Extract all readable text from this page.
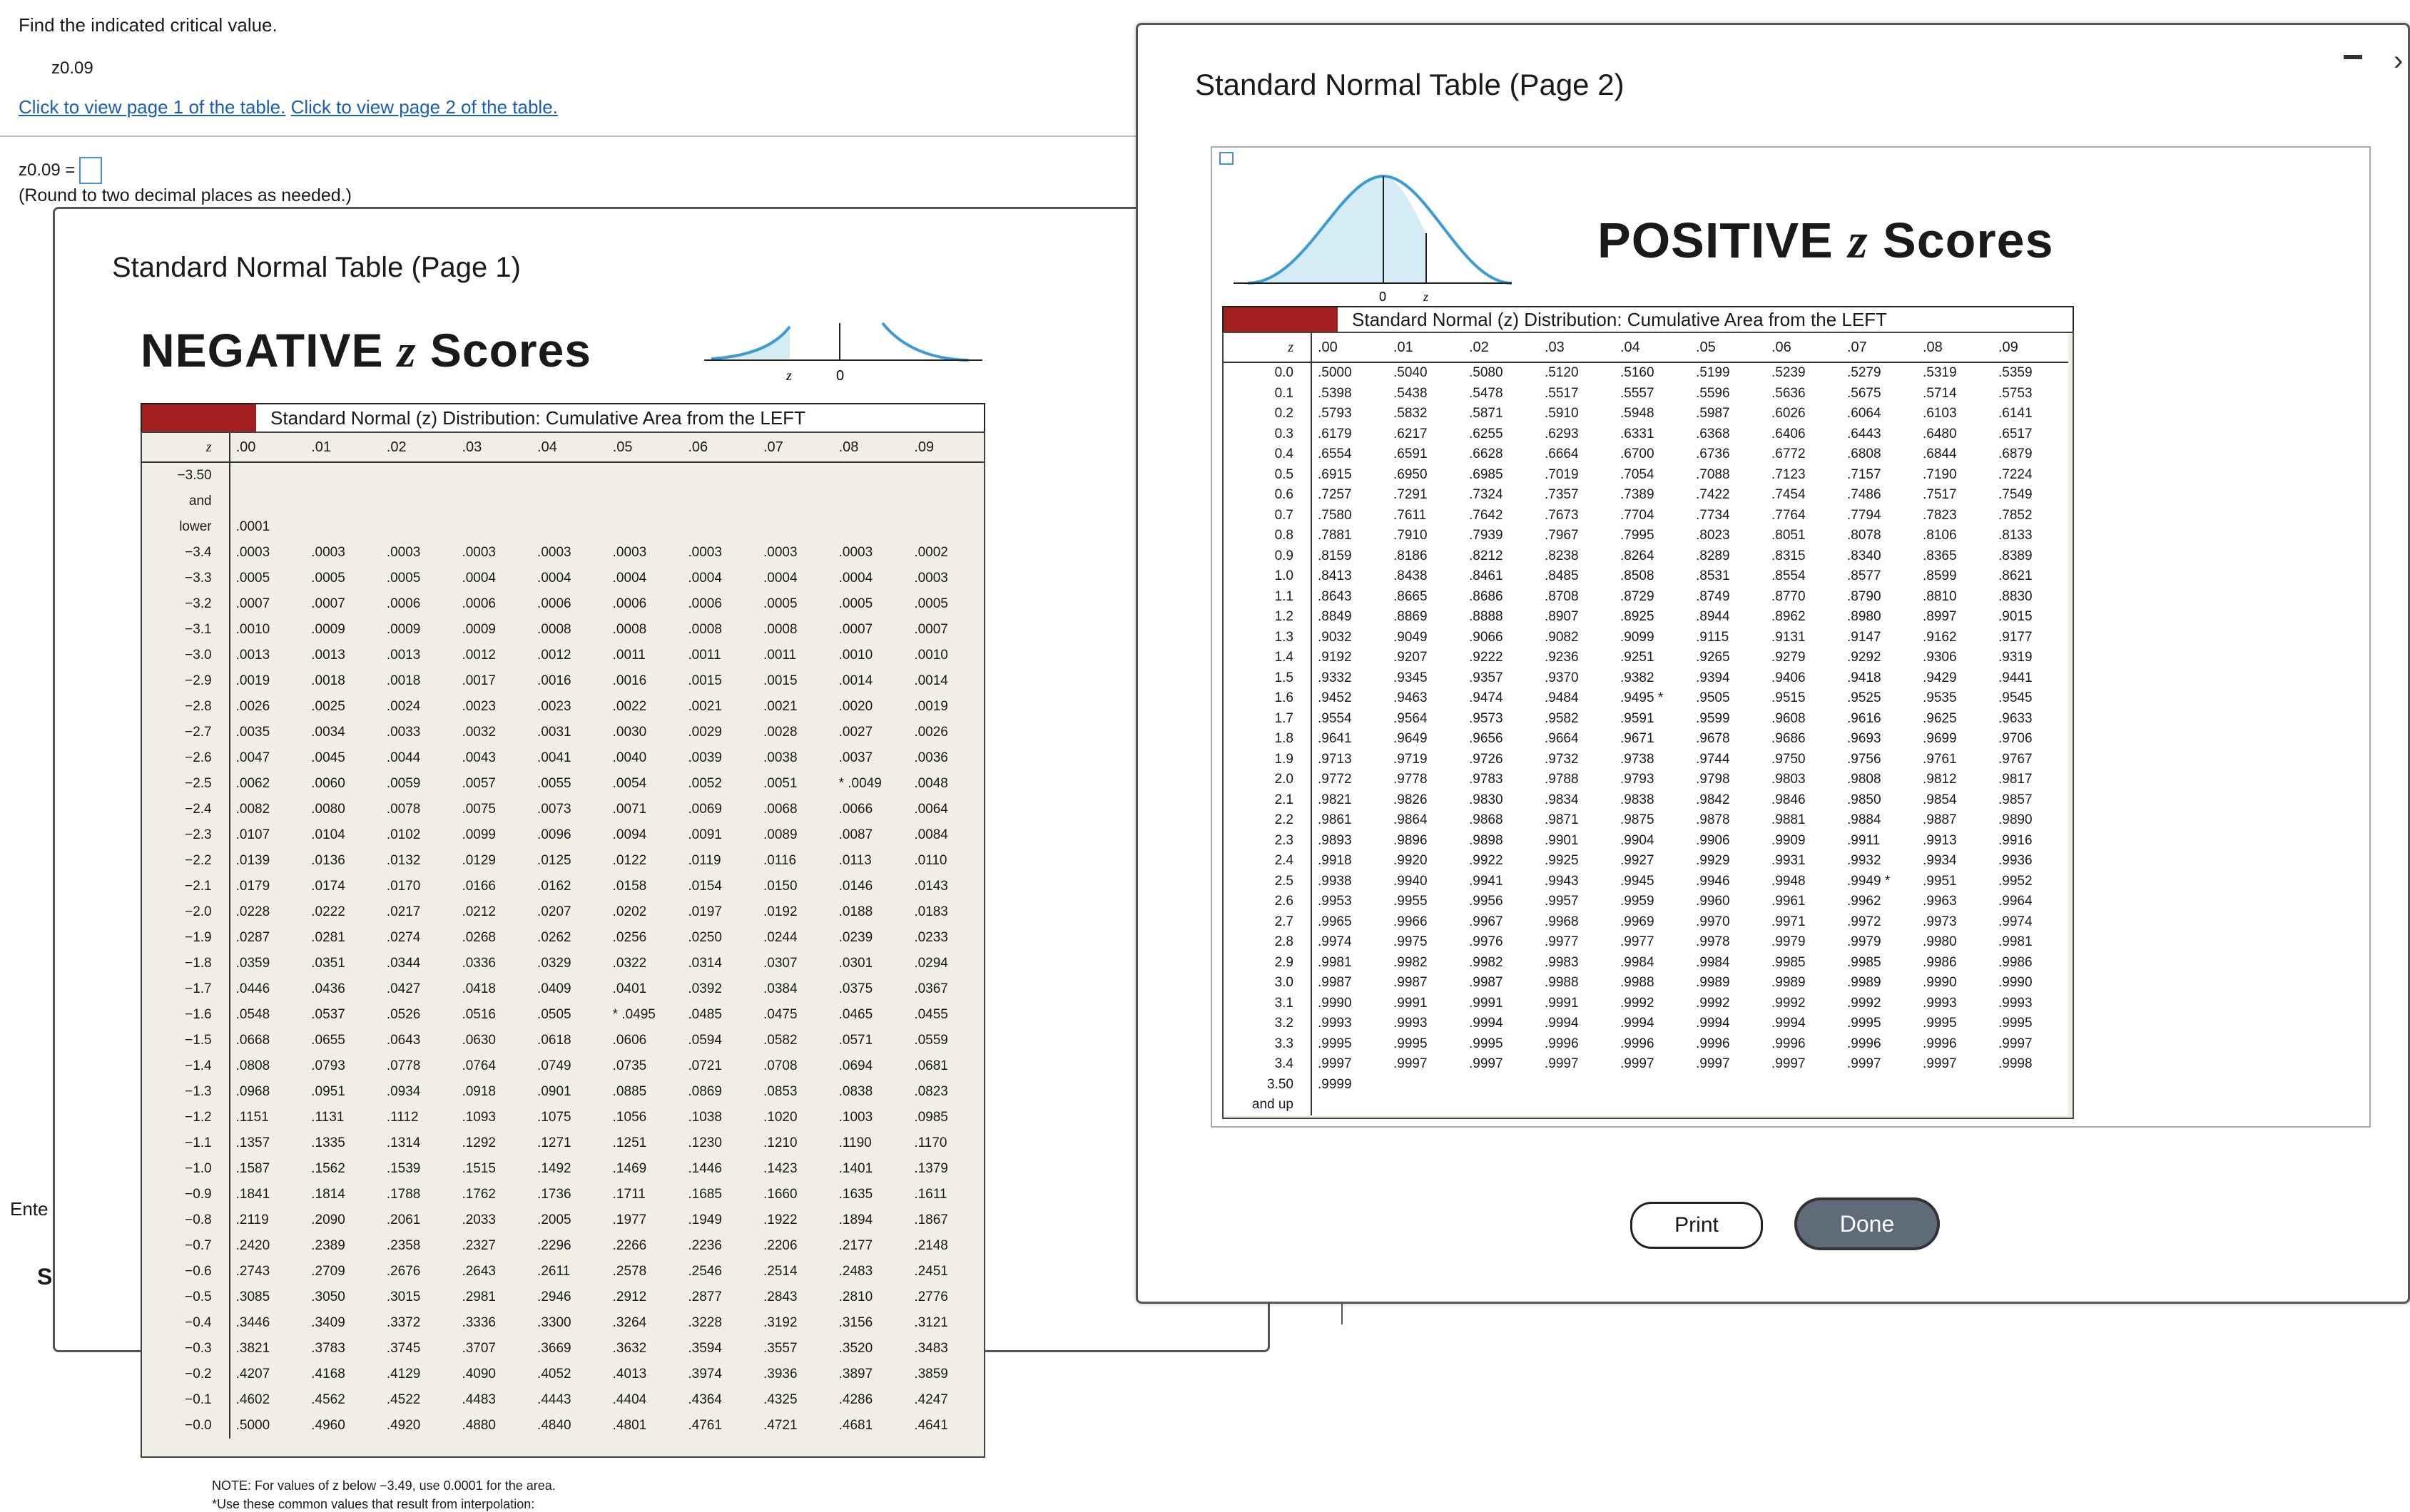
Find the indicated critical value.
z0.09
Click to view page 1 of the table. Click to view page 2 of the table.
z0.09 =
(Round to two decimal places as needed.)
Ente
S
Standard Normal Table (Page 1)
NEGATIVE z Scores	z	0
Standard Normal (z) Distribution: Cumulative Area from the LEFT
z	.00	.01	.02	.03	.04	.05	.06	.07	.08	.09
−3.50										
and										
lower	.0001									
−3.4	.0003	.0003	.0003	.0003	.0003	.0003	.0003	.0003	.0003	.0002
−3.3	.0005	.0005	.0005	.0004	.0004	.0004	.0004	.0004	.0004	.0003
−3.2	.0007	.0007	.0006	.0006	.0006	.0006	.0006	.0005	.0005	.0005
−3.1	.0010	.0009	.0009	.0009	.0008	.0008	.0008	.0008	.0007	.0007
−3.0	.0013	.0013	.0013	.0012	.0012	.0011	.0011	.0011	.0010	.0010
−2.9	.0019	.0018	.0018	.0017	.0016	.0016	.0015	.0015	.0014	.0014
−2.8	.0026	.0025	.0024	.0023	.0023	.0022	.0021	.0021	.0020	.0019
−2.7	.0035	.0034	.0033	.0032	.0031	.0030	.0029	.0028	.0027	.0026
−2.6	.0047	.0045	.0044	.0043	.0041	.0040	.0039	.0038	.0037	.0036
−2.5	.0062	.0060	.0059	.0057	.0055	.0054	.0052	.0051	* .0049	.0048
−2.4	.0082	.0080	.0078	.0075	.0073	.0071	.0069	.0068	.0066	.0064
−2.3	.0107	.0104	.0102	.0099	.0096	.0094	.0091	.0089	.0087	.0084
−2.2	.0139	.0136	.0132	.0129	.0125	.0122	.0119	.0116	.0113	.0110
−2.1	.0179	.0174	.0170	.0166	.0162	.0158	.0154	.0150	.0146	.0143
−2.0	.0228	.0222	.0217	.0212	.0207	.0202	.0197	.0192	.0188	.0183
−1.9	.0287	.0281	.0274	.0268	.0262	.0256	.0250	.0244	.0239	.0233
−1.8	.0359	.0351	.0344	.0336	.0329	.0322	.0314	.0307	.0301	.0294
−1.7	.0446	.0436	.0427	.0418	.0409	.0401	.0392	.0384	.0375	.0367
−1.6	.0548	.0537	.0526	.0516	.0505	* .0495	.0485	.0475	.0465	.0455
−1.5	.0668	.0655	.0643	.0630	.0618	.0606	.0594	.0582	.0571	.0559
−1.4	.0808	.0793	.0778	.0764	.0749	.0735	.0721	.0708	.0694	.0681
−1.3	.0968	.0951	.0934	.0918	.0901	.0885	.0869	.0853	.0838	.0823
−1.2	.1151	.1131	.1112	.1093	.1075	.1056	.1038	.1020	.1003	.0985
−1.1	.1357	.1335	.1314	.1292	.1271	.1251	.1230	.1210	.1190	.1170
−1.0	.1587	.1562	.1539	.1515	.1492	.1469	.1446	.1423	.1401	.1379
−0.9	.1841	.1814	.1788	.1762	.1736	.1711	.1685	.1660	.1635	.1611
−0.8	.2119	.2090	.2061	.2033	.2005	.1977	.1949	.1922	.1894	.1867
−0.7	.2420	.2389	.2358	.2327	.2296	.2266	.2236	.2206	.2177	.2148
−0.6	.2743	.2709	.2676	.2643	.2611	.2578	.2546	.2514	.2483	.2451
−0.5	.3085	.3050	.3015	.2981	.2946	.2912	.2877	.2843	.2810	.2776
−0.4	.3446	.3409	.3372	.3336	.3300	.3264	.3228	.3192	.3156	.3121
−0.3	.3821	.3783	.3745	.3707	.3669	.3632	.3594	.3557	.3520	.3483
−0.2	.4207	.4168	.4129	.4090	.4052	.4013	.3974	.3936	.3897	.3859
−0.1	.4602	.4562	.4522	.4483	.4443	.4404	.4364	.4325	.4286	.4247
−0.0	.5000	.4960	.4920	.4880	.4840	.4801	.4761	.4721	.4681	.4641
NOTE: For values of z below −3.49, use 0.0001 for the area.
*Use these common values that result from interpolation:
Standard Normal Table (Page 2)
›
0	z
POSITIVE z Scores
Standard Normal (z) Distribution: Cumulative Area from the LEFT
z	.00	.01	.02	.03	.04	.05	.06	.07	.08	.09
0.0	.5000	.5040	.5080	.5120	.5160	.5199	.5239	.5279	.5319	.5359
0.1	.5398	.5438	.5478	.5517	.5557	.5596	.5636	.5675	.5714	.5753
0.2	.5793	.5832	.5871	.5910	.5948	.5987	.6026	.6064	.6103	.6141
0.3	.6179	.6217	.6255	.6293	.6331	.6368	.6406	.6443	.6480	.6517
0.4	.6554	.6591	.6628	.6664	.6700	.6736	.6772	.6808	.6844	.6879
0.5	.6915	.6950	.6985	.7019	.7054	.7088	.7123	.7157	.7190	.7224
0.6	.7257	.7291	.7324	.7357	.7389	.7422	.7454	.7486	.7517	.7549
0.7	.7580	.7611	.7642	.7673	.7704	.7734	.7764	.7794	.7823	.7852
0.8	.7881	.7910	.7939	.7967	.7995	.8023	.8051	.8078	.8106	.8133
0.9	.8159	.8186	.8212	.8238	.8264	.8289	.8315	.8340	.8365	.8389
1.0	.8413	.8438	.8461	.8485	.8508	.8531	.8554	.8577	.8599	.8621
1.1	.8643	.8665	.8686	.8708	.8729	.8749	.8770	.8790	.8810	.8830
1.2	.8849	.8869	.8888	.8907	.8925	.8944	.8962	.8980	.8997	.9015
1.3	.9032	.9049	.9066	.9082	.9099	.9115	.9131	.9147	.9162	.9177
1.4	.9192	.9207	.9222	.9236	.9251	.9265	.9279	.9292	.9306	.9319
1.5	.9332	.9345	.9357	.9370	.9382	.9394	.9406	.9418	.9429	.9441
1.6	.9452	.9463	.9474	.9484	.9495 *	.9505	.9515	.9525	.9535	.9545
1.7	.9554	.9564	.9573	.9582	.9591	.9599	.9608	.9616	.9625	.9633
1.8	.9641	.9649	.9656	.9664	.9671	.9678	.9686	.9693	.9699	.9706
1.9	.9713	.9719	.9726	.9732	.9738	.9744	.9750	.9756	.9761	.9767
2.0	.9772	.9778	.9783	.9788	.9793	.9798	.9803	.9808	.9812	.9817
2.1	.9821	.9826	.9830	.9834	.9838	.9842	.9846	.9850	.9854	.9857
2.2	.9861	.9864	.9868	.9871	.9875	.9878	.9881	.9884	.9887	.9890
2.3	.9893	.9896	.9898	.9901	.9904	.9906	.9909	.9911	.9913	.9916
2.4	.9918	.9920	.9922	.9925	.9927	.9929	.9931	.9932	.9934	.9936
2.5	.9938	.9940	.9941	.9943	.9945	.9946	.9948	.9949 *	.9951	.9952
2.6	.9953	.9955	.9956	.9957	.9959	.9960	.9961	.9962	.9963	.9964
2.7	.9965	.9966	.9967	.9968	.9969	.9970	.9971	.9972	.9973	.9974
2.8	.9974	.9975	.9976	.9977	.9977	.9978	.9979	.9979	.9980	.9981
2.9	.9981	.9982	.9982	.9983	.9984	.9984	.9985	.9985	.9986	.9986
3.0	.9987	.9987	.9987	.9988	.9988	.9989	.9989	.9989	.9990	.9990
3.1	.9990	.9991	.9991	.9991	.9992	.9992	.9992	.9992	.9993	.9993
3.2	.9993	.9993	.9994	.9994	.9994	.9994	.9994	.9995	.9995	.9995
3.3	.9995	.9995	.9995	.9996	.9996	.9996	.9996	.9996	.9996	.9997
3.4	.9997	.9997	.9997	.9997	.9997	.9997	.9997	.9997	.9997	.9998
3.50	.9999									
and up										
Print	Done
